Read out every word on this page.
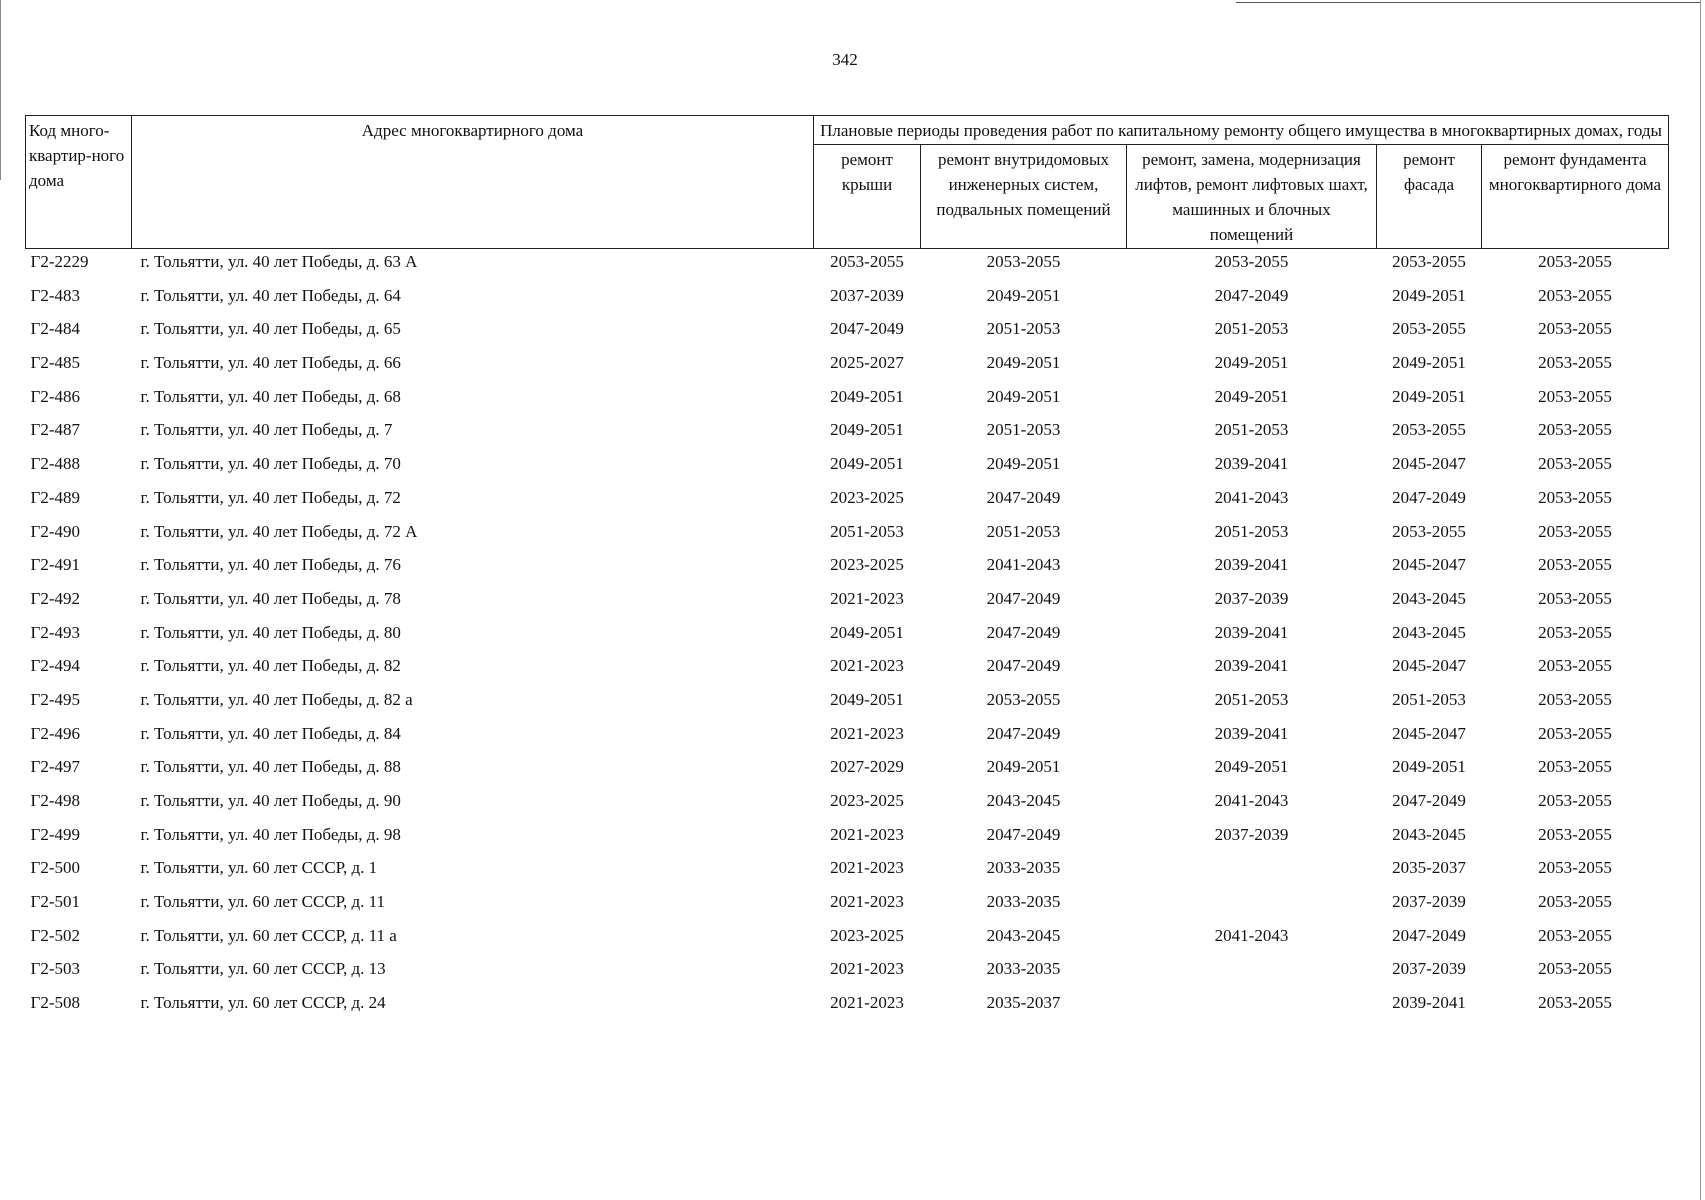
342
Код много-квартир-ного дома	Адрес многоквартирного дома	Плановые периоды проведения работ по капитальному ремонту общего имущества в многоквартирных домах, годы				
		ремонт крыши	ремонт внутридомовых инженерных систем, подвальных помещений	ремонт, замена, модернизация лифтов, ремонт лифтовых шахт, машинных и блочных помещений	ремонт фасада	ремонт фундамента многоквартирного дома
Г2-2229	г. Тольятти, ул. 40 лет Победы, д. 63 А	2053-2055	2053-2055	2053-2055	2053-2055	2053-2055
Г2-483	г. Тольятти, ул. 40 лет Победы, д. 64	2037-2039	2049-2051	2047-2049	2049-2051	2053-2055
Г2-484	г. Тольятти, ул. 40 лет Победы, д. 65	2047-2049	2051-2053	2051-2053	2053-2055	2053-2055
Г2-485	г. Тольятти, ул. 40 лет Победы, д. 66	2025-2027	2049-2051	2049-2051	2049-2051	2053-2055
Г2-486	г. Тольятти, ул. 40 лет Победы, д. 68	2049-2051	2049-2051	2049-2051	2049-2051	2053-2055
Г2-487	г. Тольятти, ул. 40 лет Победы, д. 7	2049-2051	2051-2053	2051-2053	2053-2055	2053-2055
Г2-488	г. Тольятти, ул. 40 лет Победы, д. 70	2049-2051	2049-2051	2039-2041	2045-2047	2053-2055
Г2-489	г. Тольятти, ул. 40 лет Победы, д. 72	2023-2025	2047-2049	2041-2043	2047-2049	2053-2055
Г2-490	г. Тольятти, ул. 40 лет Победы, д. 72 А	2051-2053	2051-2053	2051-2053	2053-2055	2053-2055
Г2-491	г. Тольятти, ул. 40 лет Победы, д. 76	2023-2025	2041-2043	2039-2041	2045-2047	2053-2055
Г2-492	г. Тольятти, ул. 40 лет Победы, д. 78	2021-2023	2047-2049	2037-2039	2043-2045	2053-2055
Г2-493	г. Тольятти, ул. 40 лет Победы, д. 80	2049-2051	2047-2049	2039-2041	2043-2045	2053-2055
Г2-494	г. Тольятти, ул. 40 лет Победы, д. 82	2021-2023	2047-2049	2039-2041	2045-2047	2053-2055
Г2-495	г. Тольятти, ул. 40 лет Победы, д. 82 а	2049-2051	2053-2055	2051-2053	2051-2053	2053-2055
Г2-496	г. Тольятти, ул. 40 лет Победы, д. 84	2021-2023	2047-2049	2039-2041	2045-2047	2053-2055
Г2-497	г. Тольятти, ул. 40 лет Победы, д. 88	2027-2029	2049-2051	2049-2051	2049-2051	2053-2055
Г2-498	г. Тольятти, ул. 40 лет Победы, д. 90	2023-2025	2043-2045	2041-2043	2047-2049	2053-2055
Г2-499	г. Тольятти, ул. 40 лет Победы, д. 98	2021-2023	2047-2049	2037-2039	2043-2045	2053-2055
Г2-500	г. Тольятти, ул. 60 лет СССР, д. 1	2021-2023	2033-2035		2035-2037	2053-2055
Г2-501	г. Тольятти, ул. 60 лет СССР, д. 11	2021-2023	2033-2035		2037-2039	2053-2055
Г2-502	г. Тольятти, ул. 60 лет СССР, д. 11 а	2023-2025	2043-2045	2041-2043	2047-2049	2053-2055
Г2-503	г. Тольятти, ул. 60 лет СССР, д. 13	2021-2023	2033-2035		2037-2039	2053-2055
Г2-508	г. Тольятти, ул. 60 лет СССР, д. 24	2021-2023	2035-2037		2039-2041	2053-2055
